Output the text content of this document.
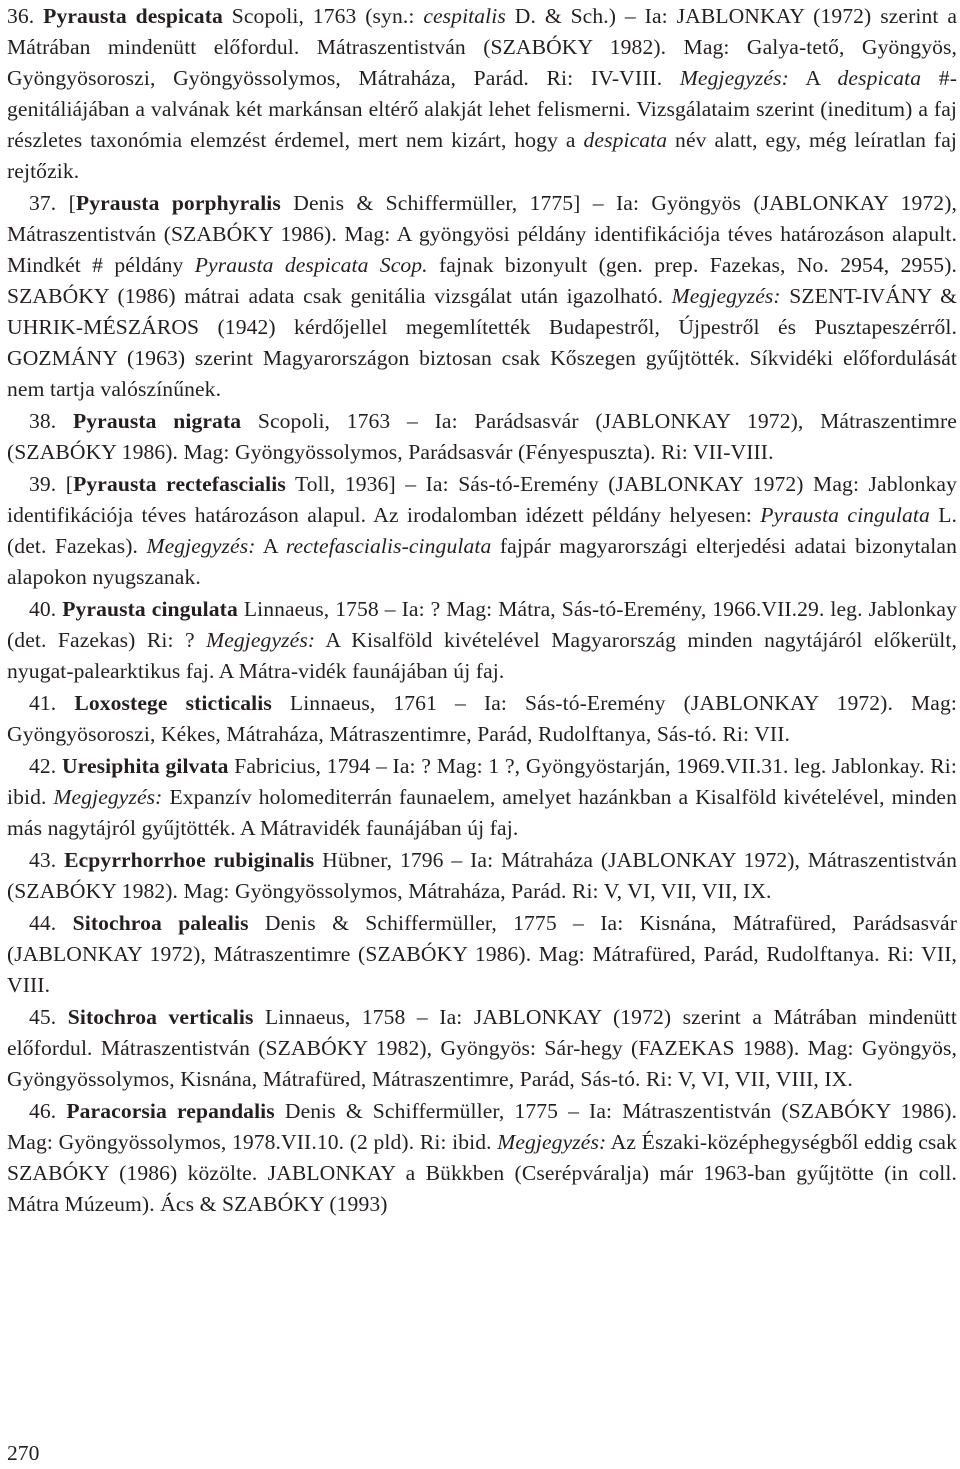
36. Pyrausta despicata Scopoli, 1763 (syn.: cespitalis D. & Sch.) – Ia: JABLONKAY (1972) szerint a Mátrában mindenütt előfordul. Mátraszentistván (SZABÓKY 1982). Mag: Galya-tető, Gyöngyös, Gyöngyösoroszi, Gyöngyössolymos, Mátraháza, Parád. Ri: IV-VIII. Megjegyzés: A despicata #-genitáliájában a valvának két markánsan eltérő alakját lehet felismerni. Vizsgálataim szerint (ineditum) a faj részletes taxonómia elemzést érdemel, mert nem kizárt, hogy a despicata név alatt, egy, még leíratlan faj rejtőzik.

37. [Pyrausta porphyralis Denis & Schiffermüller, 1775] – Ia: Gyöngyös (JABLONKAY 1972), Mátraszentistván (SZABÓKY 1986). Mag: A gyöngyösi példány identifikációja téves határozáson alapult. Mindkét # példány Pyrausta despicata Scop. fajnak bizonyult (gen. prep. Fazekas, No. 2954, 2955). SZABÓKY (1986) mátrai adata csak genitália vizsgálat után igazolható. Megjegyzés: SZENT-IVÁNY & UHRIK-MÉSZÁROS (1942) kérdőjellel megemlítették Budapestről, Újpestről és Pusztapeszérről. GOZMÁNY (1963) szerint Magyarországon biztosan csak Kőszegen gyűjtötték. Síkvidéki előfordulását nem tartja valószínűnek.

38. Pyrausta nigrata Scopoli, 1763 – Ia: Parádsasvár (JABLONKAY 1972), Mátraszentimre (SZABÓKY 1986). Mag: Gyöngyössolymos, Parádsasvár (Fényespuszta). Ri: VII-VIII.

39. [Pyrausta rectefascialis Toll, 1936] – Ia: Sás-tó-Eremény (JABLONKAY 1972) Mag: Jablonkay identifikációja téves határozáson alapul. Az irodalomban idézett példány helyesen: Pyrausta cingulata L. (det. Fazekas). Megjegyzés: A rectefascialis-cingulata fajpár magyarországi elterjedési adatai bizonytalan alapokon nyugszanak.

40. Pyrausta cingulata Linnaeus, 1758 – Ia: ? Mag: Mátra, Sás-tó-Eremény, 1966.VII.29. leg. Jablonkay (det. Fazekas) Ri: ? Megjegyzés: A Kisalföld kivételével Magyarország minden nagytájáról előkerült, nyugat-palearktikus faj. A Mátra-vidék faunájában új faj.

41. Loxostege sticticalis Linnaeus, 1761 – Ia: Sás-tó-Eremény (JABLONKAY 1972). Mag: Gyöngyösoroszi, Kékes, Mátraháza, Mátraszentimre, Parád, Rudolftanya, Sás-tó. Ri: VII.

42. Uresiphita gilvata Fabricius, 1794 – Ia: ? Mag: 1 ?, Gyöngyöstarján, 1969.VII.31. leg. Jablonkay. Ri: ibid. Megjegyzés: Expanzív holomediterrán faunaelem, amelyet hazánkban a Kisalföld kivételével, minden más nagytájról gyűjtötték. A Mátravidék faunájában új faj.

43. Ecpyrrhorrhoe rubiginalis Hübner, 1796 – Ia: Mátraháza (JABLONKAY 1972), Mátraszentistván (SZABÓKY 1982). Mag: Gyöngyössolymos, Mátraháza, Parád. Ri: V, VI, VII, VII, IX.

44. Sitochroa palealis Denis & Schiffermüller, 1775 – Ia: Kisnána, Mátrafüred, Parádsasvár (JABLONKAY 1972), Mátraszentimre (SZABÓKY 1986). Mag: Mátrafüred, Parád, Rudolftanya. Ri: VII, VIII.

45. Sitochroa verticalis Linnaeus, 1758 – Ia: JABLONKAY (1972) szerint a Mátrában mindenütt előfordul. Mátraszentistván (SZABÓKY 1982), Gyöngyös: Sár-hegy (FAZEKAS 1988). Mag: Gyöngyös, Gyöngyössolymos, Kisnána, Mátrafüred, Mátraszentimre, Parád, Sás-tó. Ri: V, VI, VII, VIII, IX.

46. Paracorsia repandalis Denis & Schiffermüller, 1775 – Ia: Mátraszentistván (SZABÓKY 1986). Mag: Gyöngyössolymos, 1978.VII.10. (2 pld). Ri: ibid. Megjegyzés: Az Északi-középhegységből eddig csak SZABÓKY (1986) közölte. JABLONKAY a Bükkben (Cserépváralja) már 1963-ban gyűjtötte (in coll. Mátra Múzeum). Ács & SZABÓKY (1993)

270
